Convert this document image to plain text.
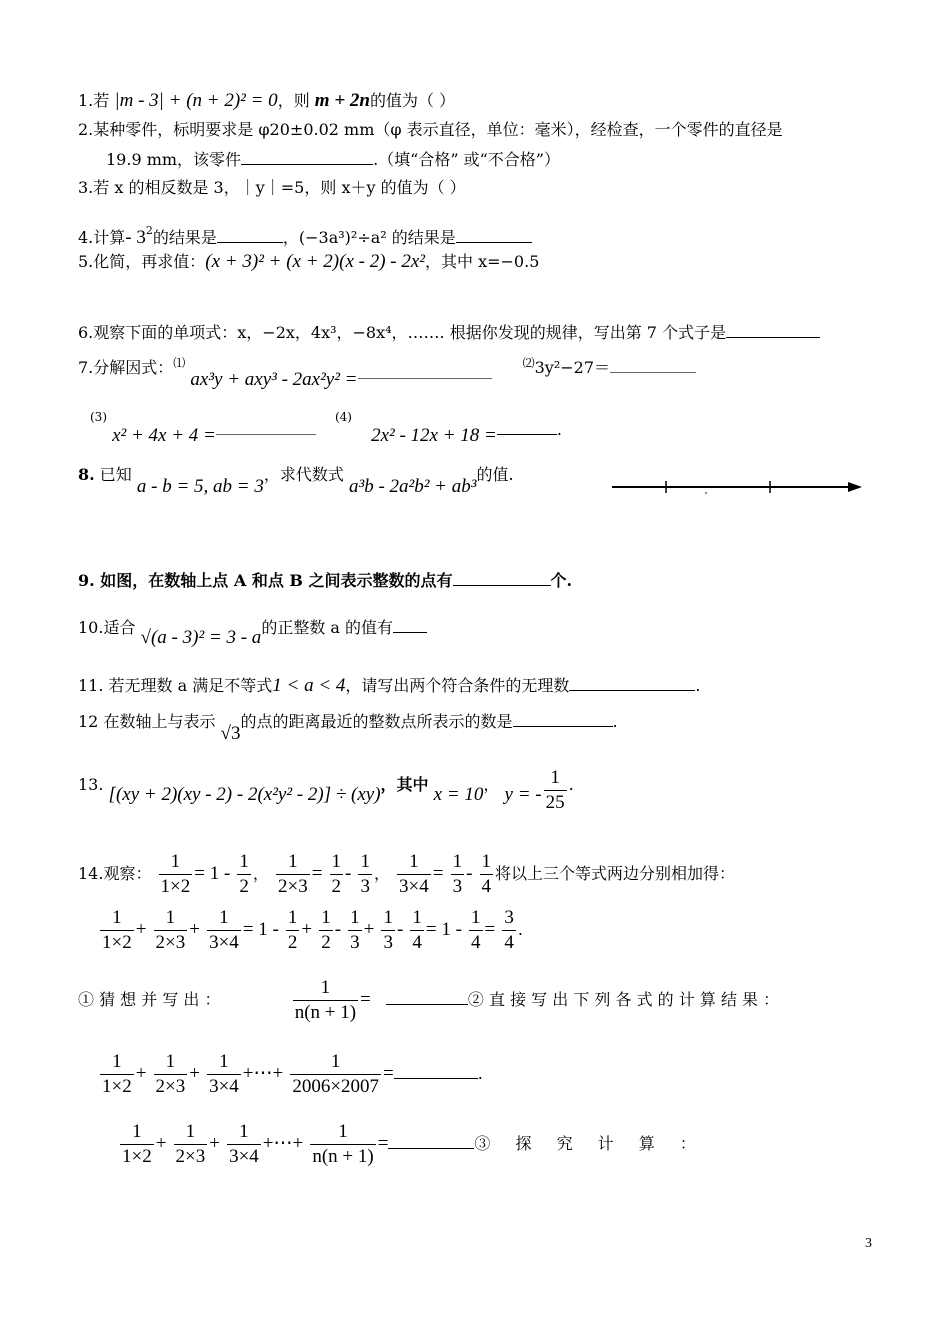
1.若 |m - 3| + (n + 2)² = 0，则 m + 2n的值为（ ）
2.某种零件，标明要求是 φ20±0.02 mm（φ 表示直径，单位：毫米），经检查，一个零件的直径是
19.9 mm，该零件	.（填“合格” 或“不合格”）
3.若 x 的相反数是 3，｜y｜=5，则 x＋y 的值为（ ）
4.计算- $3^2$的结果是	，(−3a³)²÷a² 的结果是
5.化简，再求值：(x + 3)² + (x + 2)(x - 2) - 2x²，其中 x=−0.5
6.观察下面的单项式：x，−2x，4x³，−8x⁴，……. 根据你发现的规律，写出第 7 个式子是
7.分解因式：⑴ ax³y + axy³ - 2ax²y² = ⑵3y²−27＝
$^{(3)}$ x² + 4x + 4 = $^{(4)}$ 2x² - 12x + 18 =	.
8. 已知 a - b = 5, ab = 3，求代数式 a³b - 2a²b² + ab³的值.
9. 如图，在数轴上点 A 和点 B 之间表示整数的点有	个.
10.适合 √(a - 3)² = 3 - a的正整数 a 的值有
11. 若无理数 a 满足不等式1 < a < 4，请写出两个符合条件的无理数	.
12 在数轴上与表示 √3的点的距离最近的整数点所表示的数是	.
13. [(xy + 2)(xy - 2) - 2(x²y² - 2)] ÷ (xy)，其中 x = 10， y = - $\frac{1}{25}$ .
14.观察： $\frac{1}{1\times 2} = 1 - \frac{1}{2}$ ， $\frac{1}{2\times 3} = \frac{1}{2} - \frac{1}{3}$ ， $\frac{1}{3\times 4} = \frac{1}{3} - \frac{1}{4}$ 将以上三个等式两边分别相加得：
$\frac{1}{1\times 2} + \frac{1}{2\times 3} + \frac{1}{3\times 4} = 1 - \frac{1}{2} + \frac{1}{2} - \frac{1}{3} + \frac{1}{3} - \frac{1}{4} = 1 - \frac{1}{4} = \frac{3}{4}$ .
① 猜 想 并 写 出 ：	$\frac{1}{n(n + 1)}$ =	② 直 接 写 出 下 列 各 式 的 计 算 结 果 ：
$\frac{1}{1\times 2} + \frac{1}{2\times 3} + \frac{1}{3\times 4}$ +⋯+ $\frac{1}{2006\times 2007}$ =	.
$\frac{1}{1\times 2} + \frac{1}{2\times 3} + \frac{1}{3\times 4}$ +⋯+ $\frac{1}{n(n + 1)}$ =	③ 探 究 计 算 ：
3
